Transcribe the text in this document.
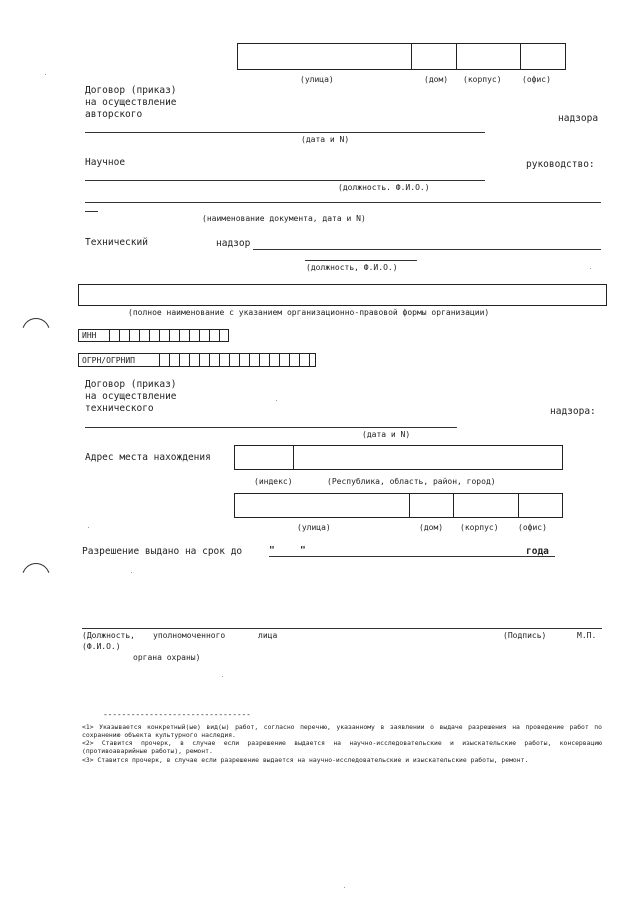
(улица)	(дом) (корпус)	(офис)
Договор (приказ)
на осуществление
авторского	надзора
(дата и N)
Научное	руководство:
(должность. Ф.И.О.)
(наименование документа, дата и N)
Технический	надзор
(должность, Ф.И.О.)
(полное наименование с указанием организационно-правовой формы организации)
ИНН
ОГРН/ОГРНИП
Договор (приказ)
на осуществление
технического	надзора:
(дата и N)
Адрес места нахождения
(индекс)	(Республика, область, район, город)
(улица)	(дом) (корпус) (офис)
Разрешение выдано на срок до	"	"	года
(Должность, уполномоченного	лица	(Подпись)	М.П.
(Ф.И.О.)
органа охраны)
--------------------------------
<1> Указывается конкретный(ые) вид(ы) работ, согласно перечню, указанному в заявлении о выдаче разрешения на проведение работ по сохранению объекта культурного наследия.
<2> Ставится прочерк, в случае если разрешение выдается на научно-исследовательские и изыскательские работы, консервацию (противоаварийные работы), ремонт.
<3> Ставится прочерк, в случае если разрешение выдается на научно-исследовательские и изыскательские работы, ремонт.
